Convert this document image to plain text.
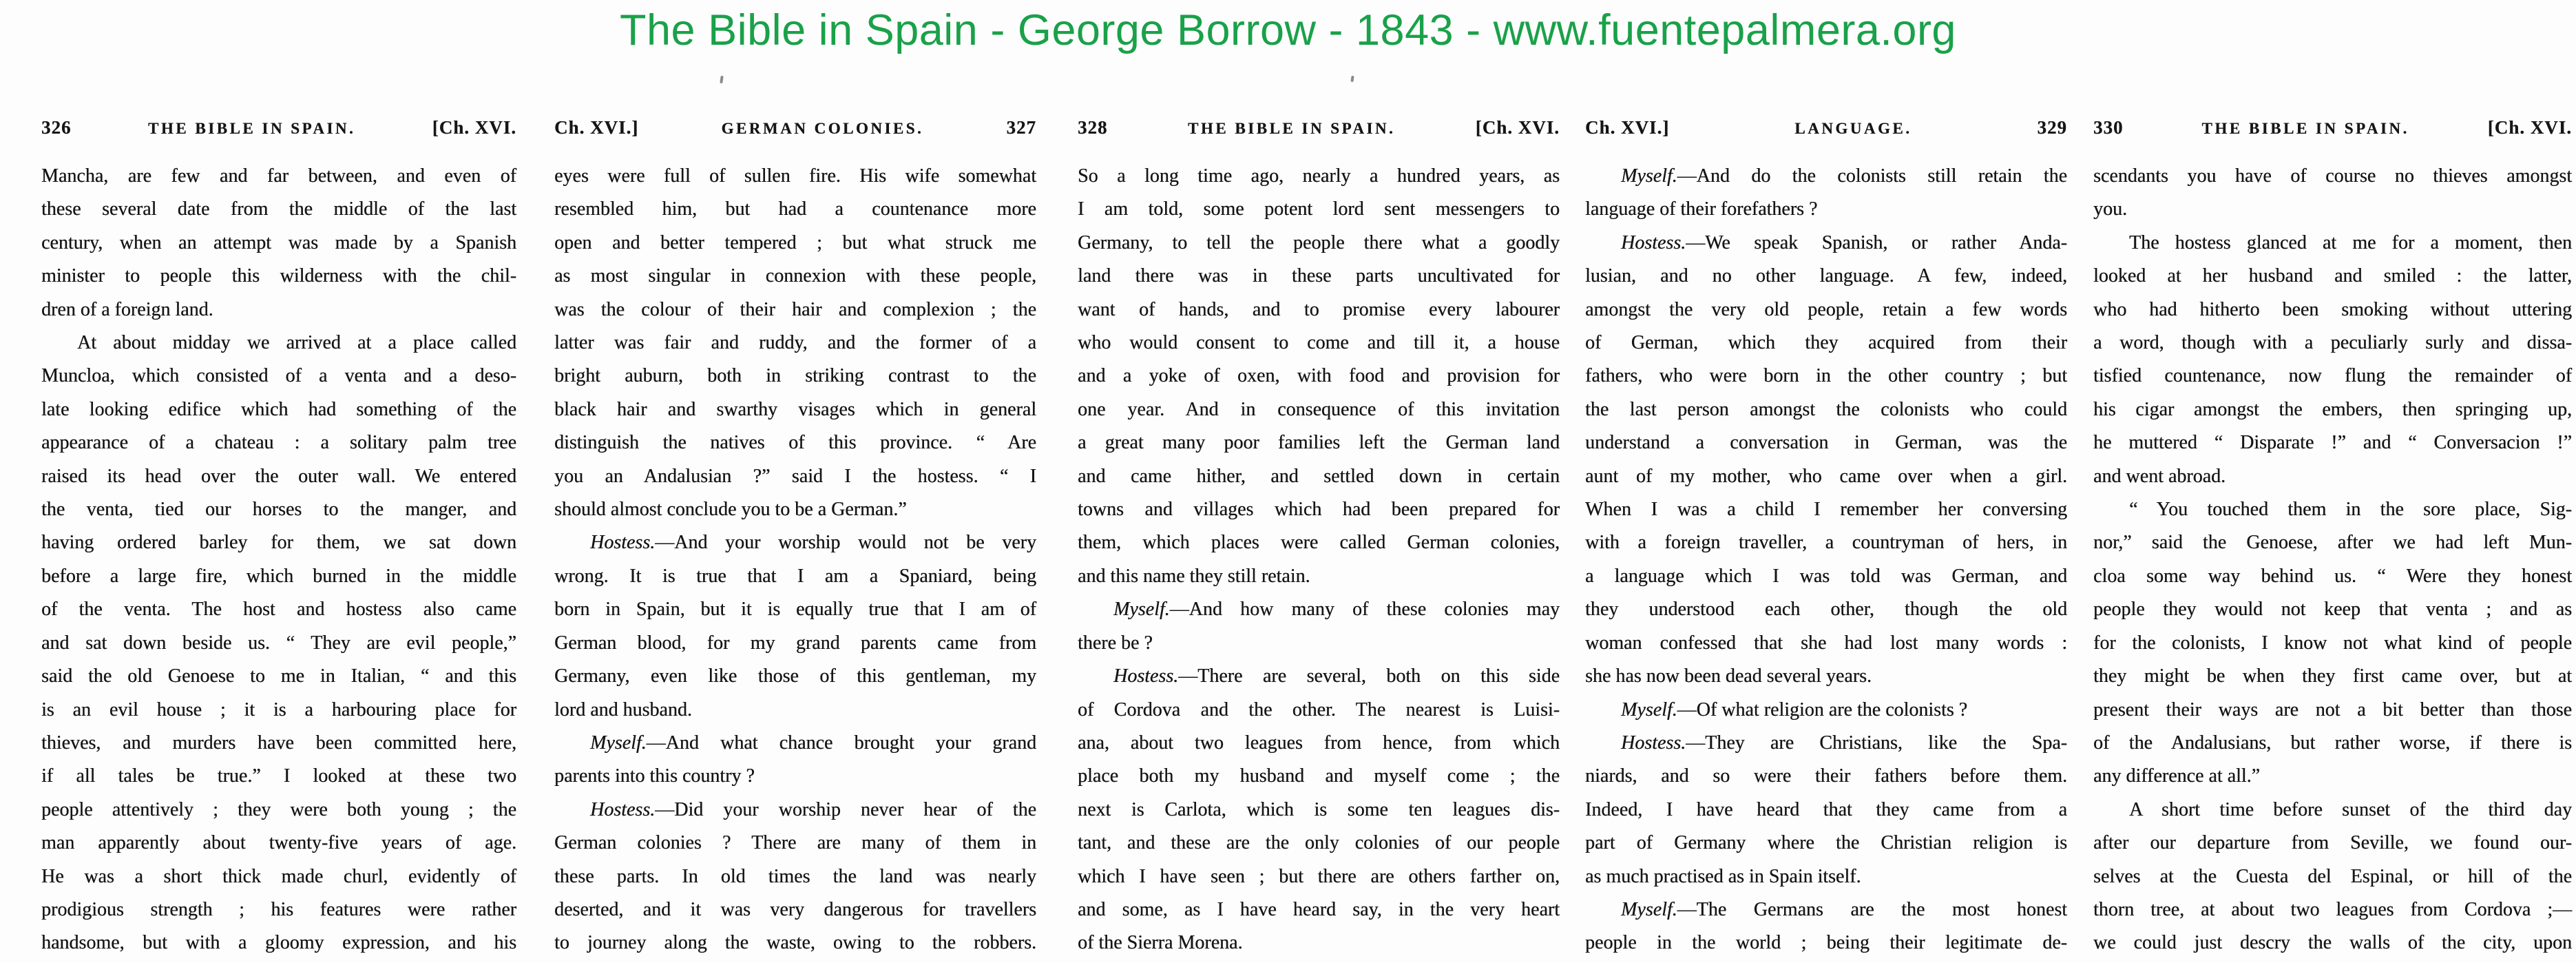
The Bible in Spain - George Borrow - 1843 - www.fuentepalmera.org
326	THE BIBLE IN SPAIN.	[Ch. XVI.
Mancha, are few and far between, and even of
these several date from the middle of the last
century, when an attempt was made by a Spanish
minister to people this wilderness with the chil-
dren of a foreign land.
At about midday we arrived at a place called
Muncloa, which consisted of a venta and a deso-
late looking edifice which had something of the
appearance of a chateau : a solitary palm tree
raised its head over the outer wall. We entered
the venta, tied our horses to the manger, and
having ordered barley for them, we sat down
before a large fire, which burned in the middle
of the venta. The host and hostess also came
and sat down beside us. “ They are evil people,”
said the old Genoese to me in Italian, “ and this
is an evil house ; it is a harbouring place for
thieves, and murders have been committed here,
if all tales be true.” I looked at these two
people attentively ; they were both young ; the
man apparently about twenty-five years of age.
He was a short thick made churl, evidently of
prodigious strength ; his features were rather
handsome, but with a gloomy expression, and his
Ch. XVI.]	GERMAN COLONIES.	327
eyes were full of sullen fire. His wife somewhat
resembled him, but had a countenance more
open and better tempered ; but what struck me
as most singular in connexion with these people,
was the colour of their hair and complexion ; the
latter was fair and ruddy, and the former of a
bright auburn, both in striking contrast to the
black hair and swarthy visages which in general
distinguish the natives of this province. “ Are
you an Andalusian ?” said I the hostess. “ I
should almost conclude you to be a German.”
Hostess.—And your worship would not be very
wrong. It is true that I am a Spaniard, being
born in Spain, but it is equally true that I am of
German blood, for my grand parents came from
Germany, even like those of this gentleman, my
lord and husband.
Myself.—And what chance brought your grand
parents into this country ?
Hostess.—Did your worship never hear of the
German colonies ? There are many of them in
these parts. In old times the land was nearly
deserted, and it was very dangerous for travellers
to journey along the waste, owing to the robbers.
328	THE BIBLE IN SPAIN.	[Ch. XVI.
So a long time ago, nearly a hundred years, as
I am told, some potent lord sent messengers to
Germany, to tell the people there what a goodly
land there was in these parts uncultivated for
want of hands, and to promise every labourer
who would consent to come and till it, a house
and a yoke of oxen, with food and provision for
one year. And in consequence of this invitation
a great many poor families left the German land
and came hither, and settled down in certain
towns and villages which had been prepared for
them, which places were called German colonies,
and this name they still retain.
Myself.—And how many of these colonies may
there be ?
Hostess.—There are several, both on this side
of Cordova and the other. The nearest is Luisi-
ana, about two leagues from hence, from which
place both my husband and myself come ; the
next is Carlota, which is some ten leagues dis-
tant, and these are the only colonies of our people
which I have seen ; but there are others farther on,
and some, as I have heard say, in the very heart
of the Sierra Morena.
Ch. XVI.]	LANGUAGE.	329
Myself.—And do the colonists still retain the
language of their forefathers ?
Hostess.—We speak Spanish, or rather Anda-
lusian, and no other language. A few, indeed,
amongst the very old people, retain a few words
of German, which they acquired from their
fathers, who were born in the other country ; but
the last person amongst the colonists who could
understand a conversation in German, was the
aunt of my mother, who came over when a girl.
When I was a child I remember her conversing
with a foreign traveller, a countryman of hers, in
a language which I was told was German, and
they understood each other, though the old
woman confessed that she had lost many words :
she has now been dead several years.
Myself.—Of what religion are the colonists ?
Hostess.—They are Christians, like the Spa-
niards, and so were their fathers before them.
Indeed, I have heard that they came from a
part of Germany where the Christian religion is
as much practised as in Spain itself.
Myself.—The Germans are the most honest
people in the world ; being their legitimate de-
330	THE BIBLE IN SPAIN.	[Ch. XVI.
scendants you have of course no thieves amongst
you.
The hostess glanced at me for a moment, then
looked at her husband and smiled : the latter,
who had hitherto been smoking without uttering
a word, though with a peculiarly surly and dissa-
tisfied countenance, now flung the remainder of
his cigar amongst the embers, then springing up,
he muttered “ Disparate !” and “ Conversacion !”
and went abroad.
“ You touched them in the sore place, Sig-
nor,” said the Genoese, after we had left Mun-
cloa some way behind us. “ Were they honest
people they would not keep that venta ; and as
for the colonists, I know not what kind of people
they might be when they first came over, but at
present their ways are not a bit better than those
of the Andalusians, but rather worse, if there is
any difference at all.”
A short time before sunset of the third day
after our departure from Seville, we found our-
selves at the Cuesta del Espinal, or hill of the
thorn tree, at about two leagues from Cordova ;—
we could just descry the walls of the city, upon
